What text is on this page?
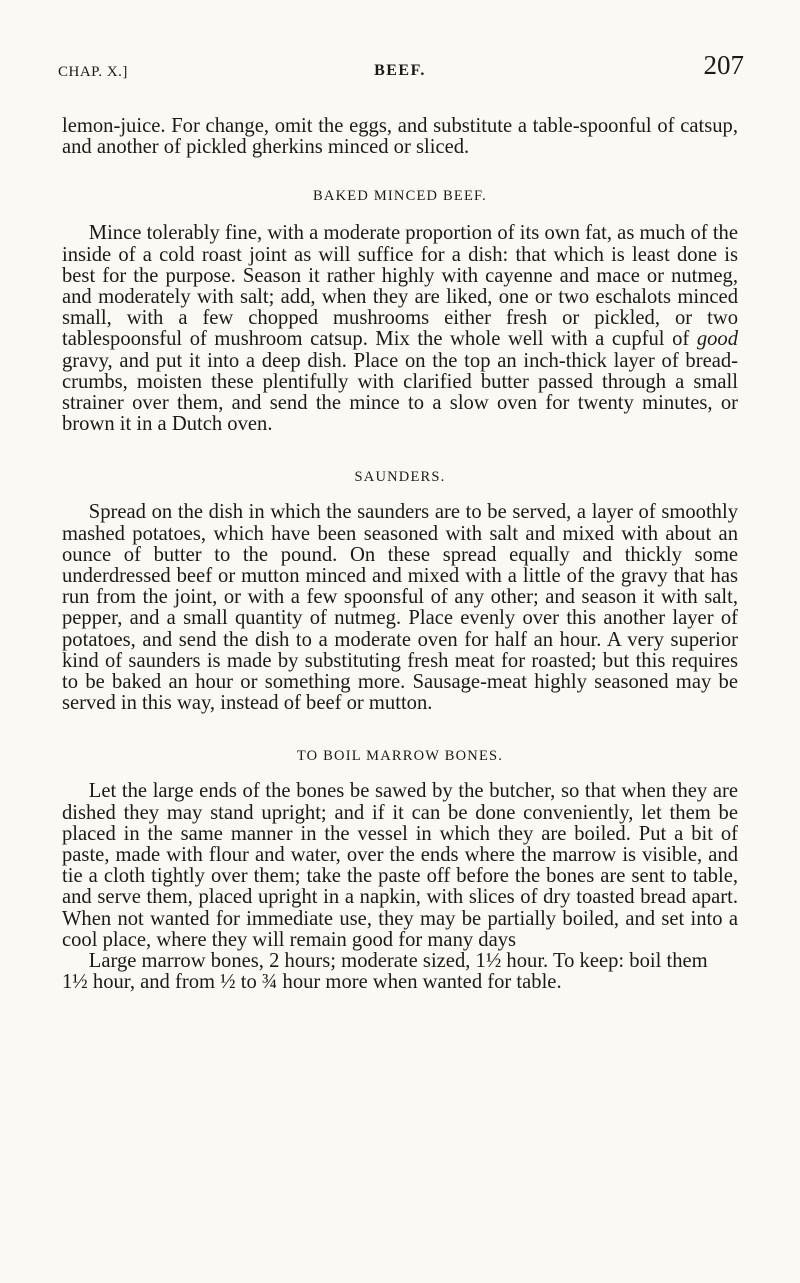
CHAP. X.]	BEEF.	207

lemon-juice. For change, omit the eggs, and substitute a table-spoonful of catsup, and another of pickled gherkins minced or sliced.

BAKED MINCED BEEF.

Mince tolerably fine, with a moderate proportion of its own fat, as much of the inside of a cold roast joint as will suffice for a dish: that which is least done is best for the purpose. Season it rather highly with cayenne and mace or nutmeg, and moderately with salt; add, when they are liked, one or two eschalots minced small, with a few chopped mushrooms either fresh or pickled, or two tablespoonsful of mushroom catsup. Mix the whole well with a cupful of good gravy, and put it into a deep dish. Place on the top an inch-thick layer of bread-crumbs, moisten these plentifully with clarified butter passed through a small strainer over them, and send the mince to a slow oven for twenty minutes, or brown it in a Dutch oven.

SAUNDERS.

Spread on the dish in which the saunders are to be served, a layer of smoothly mashed potatoes, which have been seasoned with salt and mixed with about an ounce of butter to the pound. On these spread equally and thickly some underdressed beef or mutton minced and mixed with a little of the gravy that has run from the joint, or with a few spoonsful of any other; and season it with salt, pepper, and a small quantity of nutmeg. Place evenly over this another layer of potatoes, and send the dish to a moderate oven for half an hour. A very superior kind of saunders is made by substituting fresh meat for roasted; but this requires to be baked an hour or something more. Sausage-meat highly seasoned may be served in this way, instead of beef or mutton.

TO BOIL MARROW BONES.

Let the large ends of the bones be sawed by the butcher, so that when they are dished they may stand upright; and if it can be done conveniently, let them be placed in the same manner in the vessel in which they are boiled. Put a bit of paste, made with flour and water, over the ends where the marrow is visible, and tie a cloth tightly over them; take the paste off before the bones are sent to table, and serve them, placed upright in a napkin, with slices of dry toasted bread apart. When not wanted for immediate use, they may be partially boiled, and set into a cool place, where they will remain good for many days

Large marrow bones, 2 hours; moderate sized, 1½ hour. To keep: boil them 1½ hour, and from ½ to ¾ hour more when wanted for table.
